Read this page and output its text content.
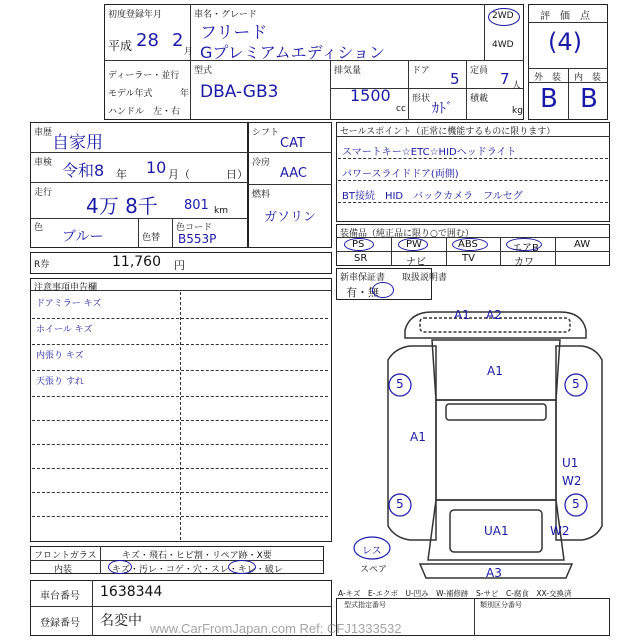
初度登録年月
平成 28 2
月
車名・グレード
フリード
Gプレミアムエディション
2WD
4WD
ディーラー・並行
モデル年式	年
ハンドル　左・右
型式
DBA-GB3
排気量
1500
cc
ドア 5 定員 7 人
形状
ｶﾄﾞ
積載
kg
評　価　点
(4)
外　装 内　装
B B
車歴 自家用
車検 令和8 年 10 月（	日）
走行
4万 8千 801 km
色
ブルー	色替
色コード
B553P
シフト
CAT
冷房
AAC
燃料
ガソリン
セールスポイント（正常に機能するものに限ります）
スマートキー☆ETC☆HIDヘッドライト
パワースライドドア(両側)
BT接続　HID　バックカメラ　フルセグ
装備品（純正品に限り○で囲む）
PS	PW	ABS	エアB	AW
SR	ナビ	TV	カワ
R券	11,760 円
新車保証書
有・無
取扱説明書
注意事項申告欄
ドアミラー キズ
ホイール キズ
内張り キズ
天張り すれ
フロントガラス	キズ・飛石・ヒビ割・リペア跡・X要
内装	キズ・汚レ・コゲ・穴・スレ・キレ・破レ
車台番号 1638344
登録番号 名変中
型式指定番号	類別区分番号
A-キズ　E-エクボ　U-凹み　W-補修跡　S-サビ　C-腐食　XX-交換済
www.CarFromJapan.com Ref: CFJ1333532
A1 A2
A1
5	5
A1
U1
W2
5	5
UA1	W2
A3
レス
スペア
